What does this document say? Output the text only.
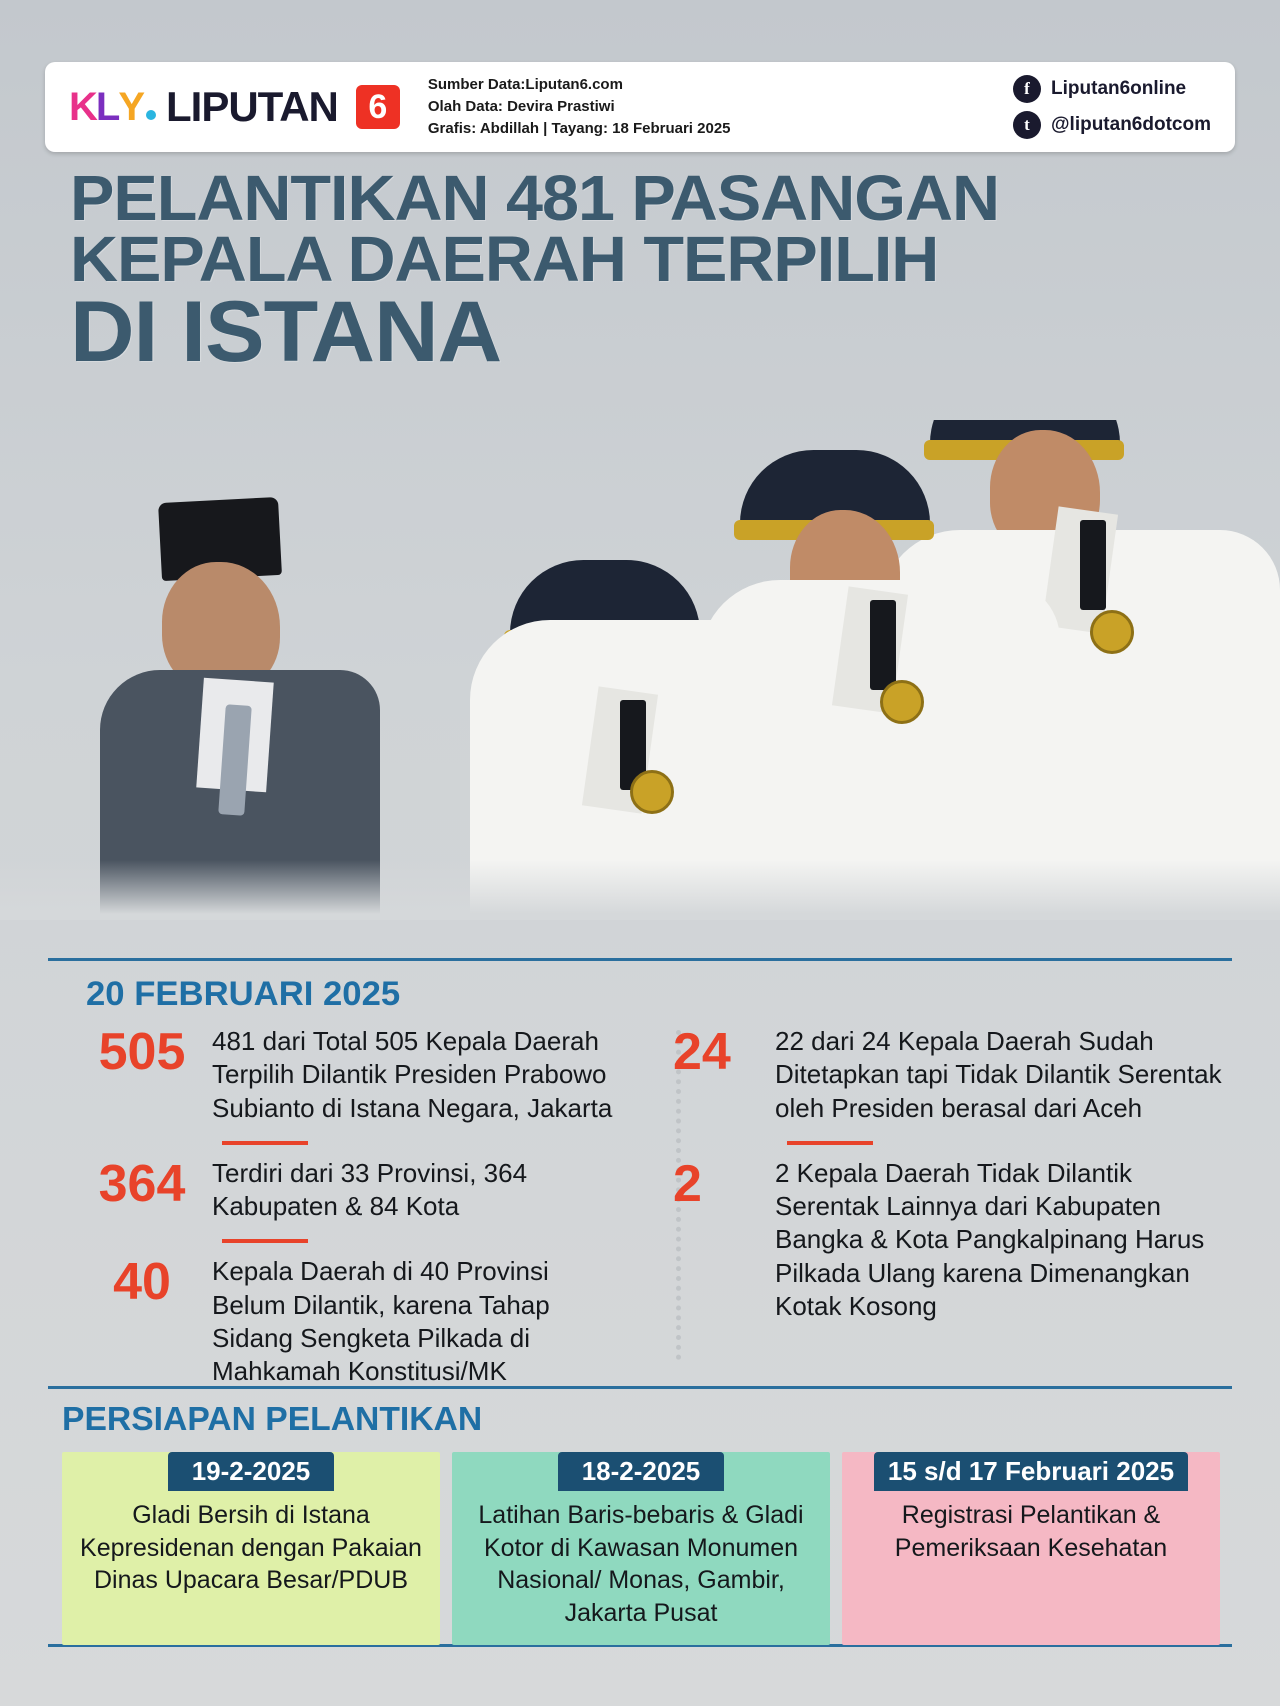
K L Y LIPUTAN 6
Sumber Data:Liputan6.com
Olah Data: Devira Prastiwi
Grafis: Abdillah | Tayang: 18 Februari 2025
f	Liputan6online
t	@liputan6dotcom
PELANTIKAN 481 PASANGAN
KEPALA DAERAH TERPILIH
DI ISTANA
20 FEBRUARI 2025
505	481 dari Total 505 Kepala Daerah Terpilih Dilantik Presiden Prabowo Subianto di Istana Negara, Jakarta
364	Terdiri dari 33 Provinsi, 364 Kabupaten & 84 Kota
40	Kepala Daerah di 40 Provinsi Belum Dilantik, karena Tahap Sidang Sengketa Pilkada di Mahkamah Konstitusi/MK
24	22 dari 24 Kepala Daerah Sudah Ditetapkan tapi Tidak Dilantik Serentak oleh Presiden berasal dari Aceh
2	2 Kepala Daerah Tidak Dilantik Serentak Lainnya dari Kabupaten Bangka & Kota Pangkalpinang Harus Pilkada Ulang karena Dimenangkan Kotak Kosong
PERSIAPAN PELANTIKAN
19-2-2025
Gladi Bersih di Istana Kepresidenan dengan Pakaian Dinas Upacara Besar/PDUB
18-2-2025
Latihan Baris-bebaris & Gladi Kotor di Kawasan Monumen Nasional/ Monas, Gambir, Jakarta Pusat
15 s/d 17 Februari 2025
Registrasi Pelantikan & Pemeriksaan Kesehatan
